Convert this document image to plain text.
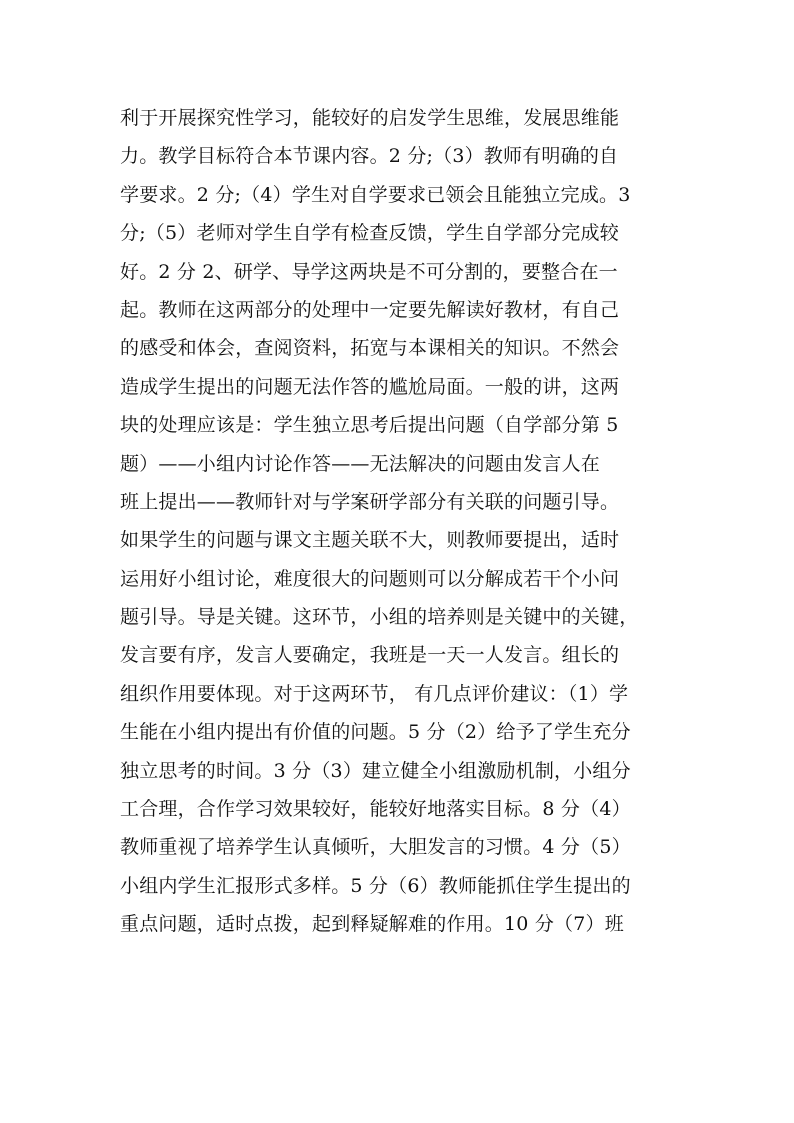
利于开展探究性学习，能较好的启发学生思维，发展思维能
力。教学目标符合本节课内容。2 分;（3）教师有明确的自
学要求。2 分;（4）学生对自学要求已领会且能独立完成。3
分;（5）老师对学生自学有检查反馈，学生自学部分完成较
好。2 分 2、研学、导学这两块是不可分割的，要整合在一
起。教师在这两部分的处理中一定要先解读好教材，有自己
的感受和体会，查阅资料，拓宽与本课相关的知识。不然会
造成学生提出的问题无法作答的尴尬局面。一般的讲，这两
块的处理应该是：学生独立思考后提出问题（自学部分第 5
题）——小组内讨论作答——无法解决的问题由发言人在
班上提出——教师针对与学案研学部分有关联的问题引导。
如果学生的问题与课文主题关联不大，则教师要提出，适时
运用好小组讨论，难度很大的问题则可以分解成若干个小问
题引导。导是关键。这环节，小组的培养则是关键中的关键，
发言要有序，发言人要确定，我班是一天一人发言。组长的
组织作用要体现。对于这两环节， 有几点评价建议：（1）学
生能在小组内提出有价值的问题。5 分（2）给予了学生充分
独立思考的时间。3 分（3）建立健全小组激励机制，小组分
工合理，合作学习效果较好，能较好地落实目标。8 分（4）
教师重视了培养学生认真倾听，大胆发言的习惯。4 分（5）
小组内学生汇报形式多样。5 分（6）教师能抓住学生提出的
重点问题，适时点拨，起到释疑解难的作用。10 分（7）班
